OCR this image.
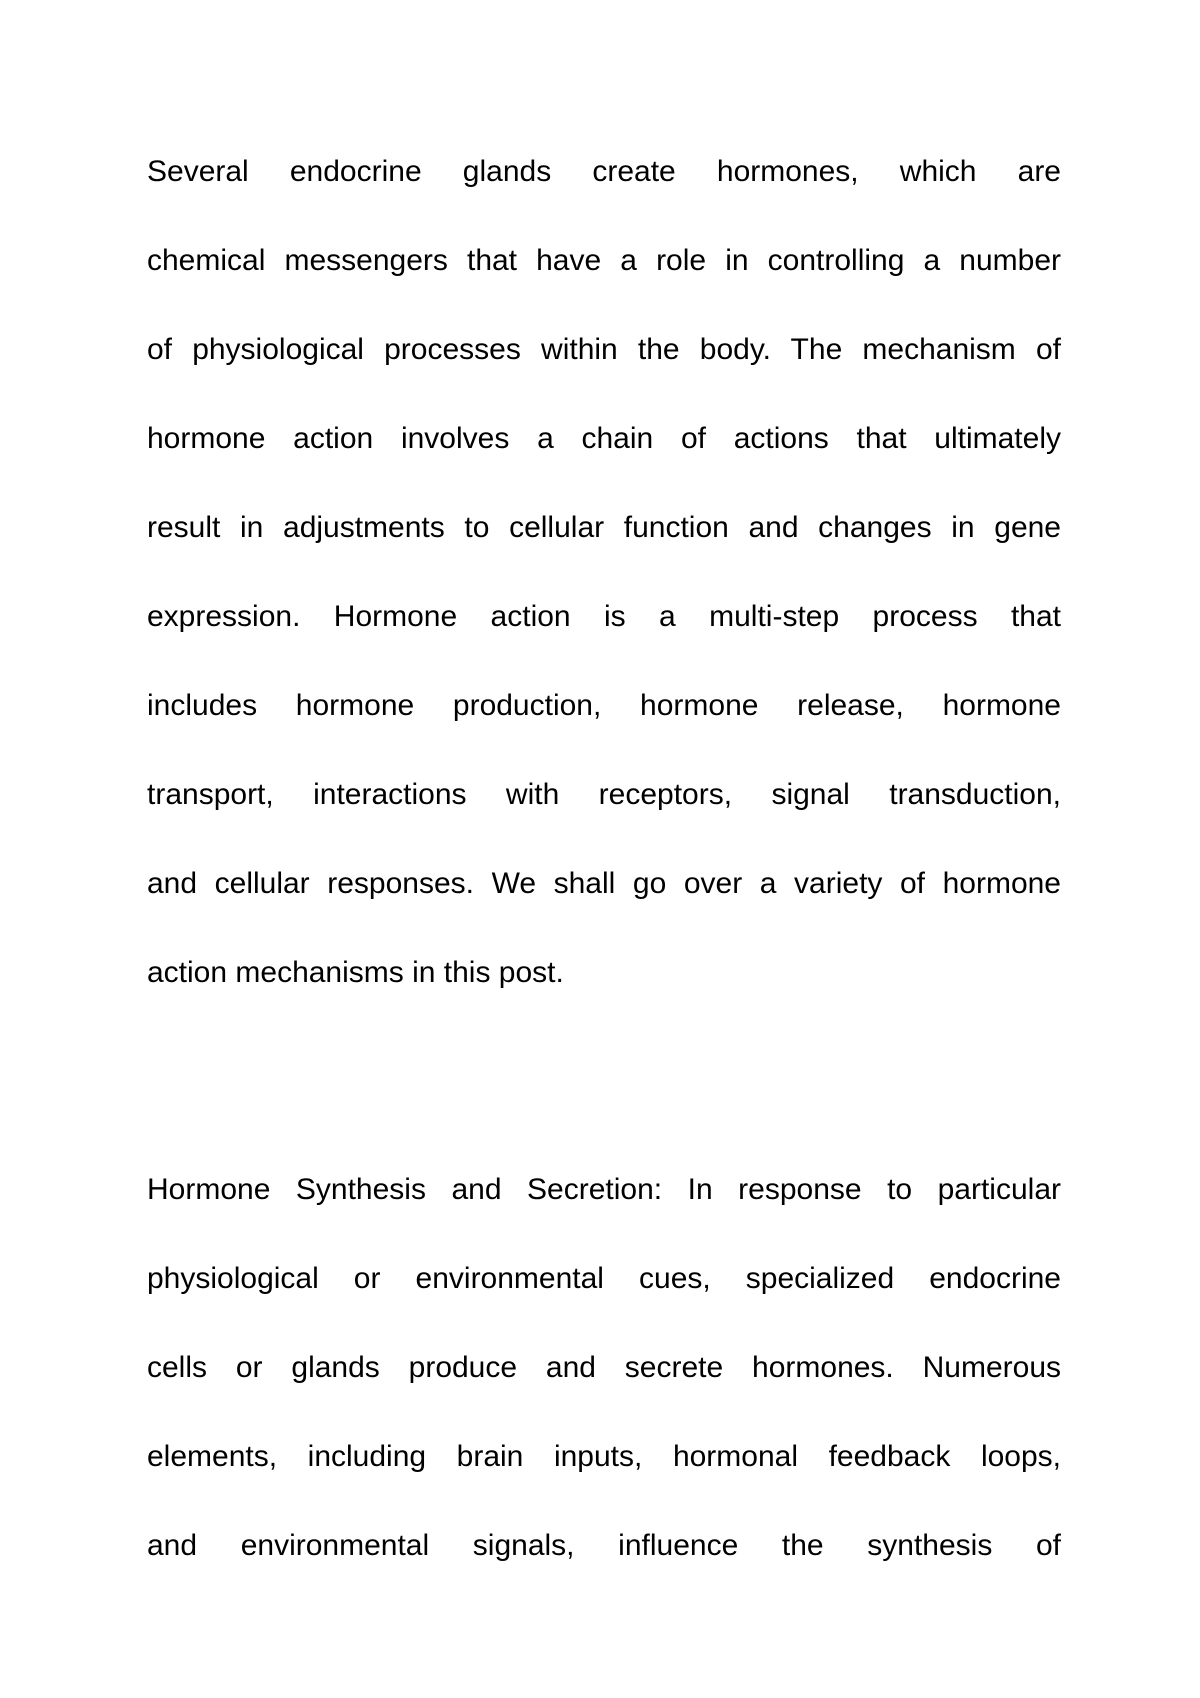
Several endocrine glands create hormones, which are
chemical messengers that have a role in controlling a number
of physiological processes within the body. The mechanism of
hormone action involves a chain of actions that ultimately
result in adjustments to cellular function and changes in gene
expression. Hormone action is a multi-step process that
includes hormone production, hormone release, hormone
transport, interactions with receptors, signal transduction,
and cellular responses. We shall go over a variety of hormone
action mechanisms in this post.
Hormone Synthesis and Secretion: In response to particular
physiological or environmental cues, specialized endocrine
cells or glands produce and secrete hormones. Numerous
elements, including brain inputs, hormonal feedback loops,
and environmental signals, influence the synthesis of
